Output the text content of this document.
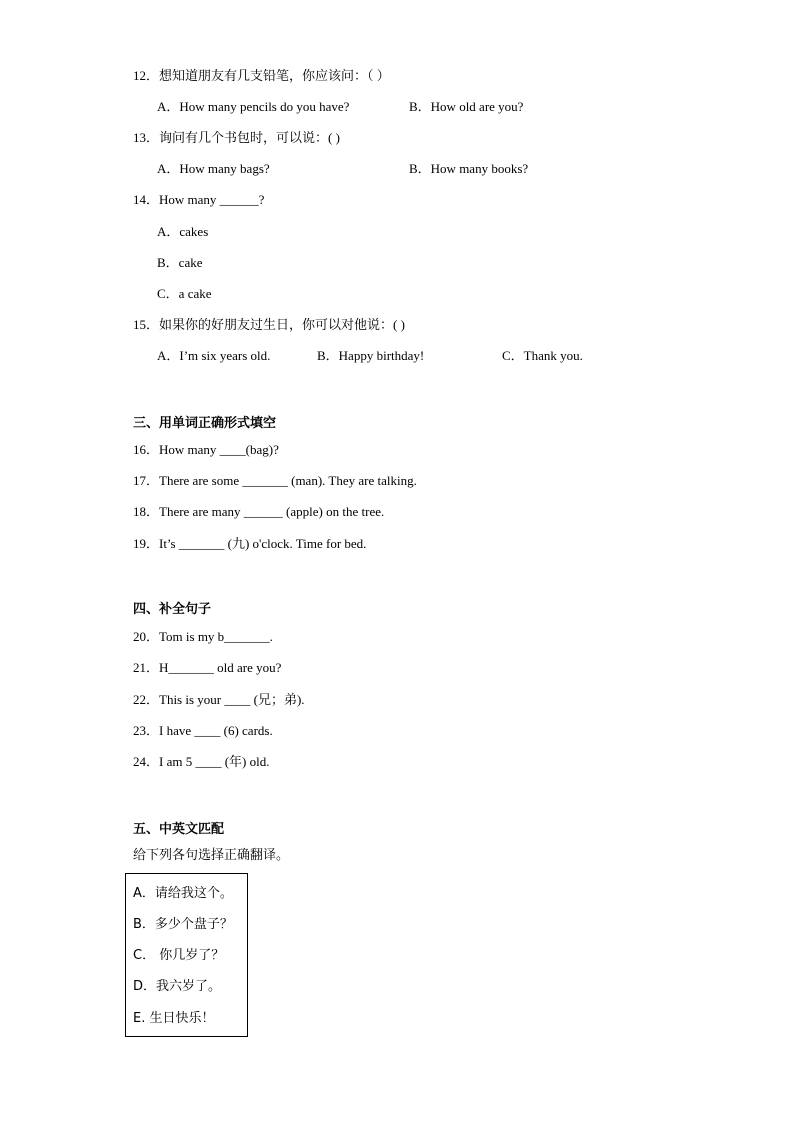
12．想知道朋友有几支铅笔，你应该问：（ ）
A．How many pencils do you have?	B．How old are you?
13．询问有几个书包时，可以说：( )
A．How many bags?	B．How many books?
14．How many ______?
A．cakes
B．cake
C．a cake
15．如果你的好朋友过生日，你可以对他说：( )
A．I’m six years old.	B．Happy birthday!	C．Thank you.
三、用单词正确形式填空
16．How many ____(bag)?
17．There are some _______ (man). They are talking.
18．There are many ______ (apple) on the tree.
19．It’s _______ (九) o'clock. Time for bed.
四、补全句子
20．Tom is my b_______.
21．H_______ old are you?
22．This is your ____ (兄；弟).
23．I have ____ (6) cards.
24．I am 5 ____ (年) old.
五、中英文匹配
给下列各句选择正确翻译。
A．请给我这个。
B．多少个盘子？
C． 你几岁了？
D．我六岁了。
E. 生日快乐！
